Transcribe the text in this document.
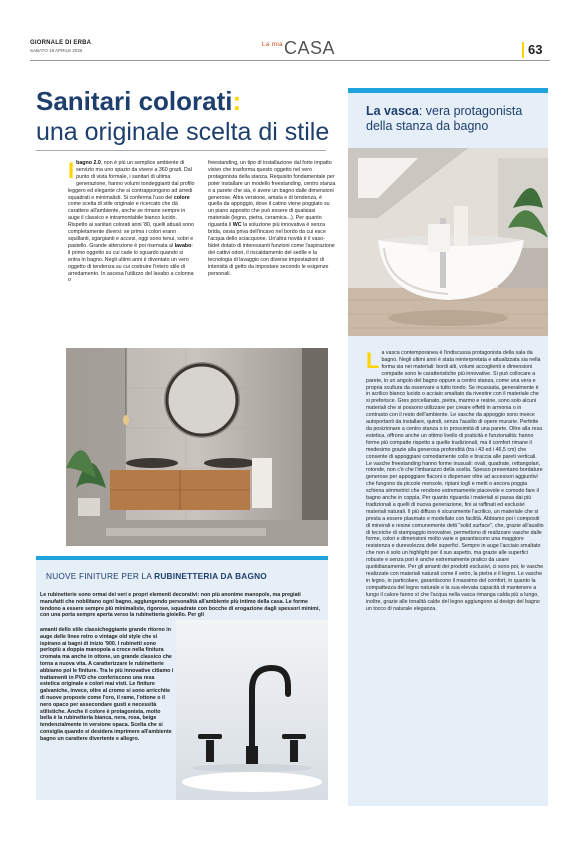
GIORNALE DI ERBA
SABATO 19 APRILE 2025
$^{La mia}$CASA	63
Sanitari colorati:
una originale scelta di stile
Ibagno 2.0, non è più un semplice ambiente di servizio ma uno spazio da vivere a 360 gradi. Dal punto di vista formale, i sanitari di ultima generazione, hanno volumi tondeggianti dal profilo leggero ed elegante che si contrappongono ad arredi squadrati e minimalisti. Si conferma l'uso del colore come scelta di stile originale e ricercato che dà carattere all'ambiente, anche se rimane sempre in auge il classico e intramontabile bianco lucido. Rispetto ai sanitari colorati anni '80, quelli attuali sono completamente diversi: se prima i colori erano squillanti, sgargianti e accesi, oggi sono tenui, sobri e pastello. Grande attenzione è poi riservata al lavabo: il primo oggetto su cui cade lo sguardo quando si entra in bagno. Negli ultimi anni è diventato un vero oggetto di tendenza su cui costruire l'intero stile di arredamento. In ascesa l'utilizzo del lavabo a colonna o
freestanding, un tipo di installazione dal forte impatto visivo che trasforma questo oggetto nel vero protagonista della stanza. Requisito fondamentale per poter installare un modello freestanding, centro stanza o a parete che sia, è avere un bagno dalle dimensioni generose. Altra versione, amata e di tendenza, è quella da appoggio, dove il catino viene poggiato su un piano apposito che può essere di qualsiasi materiale (legno, pietra, ceramica...). Per quanto riguarda il WC la soluzione più innovativa è senza brida, ossia priva dell'incavo nel bordo da cui esce l'acqua dello sciacquone. Un'altra novità è il vaso-bidet dotato di interessanti funzioni come l'aspirazione dei cattivi odori, il riscaldamento del sedile e la tecnologia di lavaggio con diverse impostazioni di intensità di getto da impostare secondo le esigenze personali.
La vasca: vera protagonista della stanza da bagno
La vasca contemporanea è l'indiscussa protagonista della sala da bagno. Negli ultimi anni è stata reinterpretata e attualizzata sia nella forma sia nei materiali: bordi alti, volumi accoglienti e dimensioni compatte sono le caratteristiche più innovative. Si può collocare a parete, in un angolo del bagno oppure a centro stanza, come una vera e propria scultura da osservare a tutto tondo. Se incassata, generalmente è in acrilico bianco lucido o acciaio smaltato da rivestire con il materiale che si preferisce. Gres porcellanato, pietra, marmo e resine, sono solo alcuni materiali che si possono utilizzare per creare effetti in armonia o in contrasto con il resto dell'ambiente. Le vasche da appoggio sono invece autoportanti da installare, quindi, senza l'ausilio di opere murarie. Perfette da posizionare a centro stanza o in prossimità di una parete. Oltre alla resa estetica, offrono anche un ottimo livello di praticità e funzionalità: hanno forme più compatte rispetto a quelle tradizionali, ma il comfort rimane il medesimo grazie alla generosa profondità (tra i 43 ed i 46,5 cm) che consente di appoggiare comodamente collo e braccia alle pareti verticali. Le vasche freestanding hanno forme inusuali: ovali, quadrate, rettangolari, rotonde, non c'è che l'imbarazzo della scelta. Spesso presentano bordature generose per appoggiare flaconi o dispenser oltre ad accessori aggiuntivi che fungono da piccole mensole, ripiani togli e metti o ancora poggia schiena simmetrici che rendono estremamente piacevole e comodo fare il bagno anche in coppia. Per quanto riguarda i materiali si passa dai più tradizionali a quelli di nuova generazione, fini ai raffinati ed esclusivi materiali naturali. Il più diffuso è sicuramente l'acrilico, un materiale che si presta a essere plasmato e modellato con facilità. Abbiamo poi i compositi di minerali e resine comunemente detti "solid surface", che, grazie all'ausilio di tecniche di stampaggio innovative, permettono di realizzare vasche dalle forme, colori e dimensioni molto varie e garantiscono una maggiore resistenza e durevolezza delle superfici. Sempre in auge l'acciaio smaltato che non è solo un highlight per il suo aspetto, ma grazie alle superfici robuste e senza pori è anche estremamente pratico da usare quotidianamente. Per gli amanti dei prodotti esclusivi, ci sono poi, le vasche realizzate con materiali naturali come il vetro, la pietra e il legno. Le vasche in legno, in particolare, garantiscono il massimo del comfort, in quanto la compattezza del legno naturale e la sua elevata capacità di mantenere a lungo il calore fanno sì che l'acqua nella vasca rimanga calda più a lungo, inoltre, grazie alle tonalità calde del legno aggiungono al design del bagno un tocco di naturale eleganza.
NUOVE FINITURE PER LA RUBINETTERIA DA BAGNO
Le rubinetterie sono ormai dei veri e propri elementi decorativi: non più anonime manopole, ma pregiati manufatti che nobilitano ogni bagno, aggiungendo personalità all'ambiente più intimo della casa. Le forme tendono a essere sempre più minimaliste, rigorose, squadrate con bocche di erogazione dagli spessori minimi, con una porta sempre aperta verso la rubinetteria gioiello. Per gli
amanti dello stile classicheggiante grande ritorno in auge delle linee retro o vintage old style che si ispirano ai bagni di inizio '900. I rubinetti sono perlopiù a doppia manopola a croce nella finitura cromata ma anche in ottone, un grande classico che torna a nuova vita. A caratterizzare le rubinetterie abbiamo poi le finiture. Tra le più innovative citiamo i trattamenti in PVD che conferiscono una resa estetica originale e colori mai visti. Le finiture galvaniche, invece, oltre al cromo si sono arricchite di nuove proposte come l'oro, il rame, l'ottone o il nero opaco per assecondare gusti e necessità stilistiche. Anche il colore è protagonista, molto bella è la rubinetteria bianca, nera, rosa, beige tendenzialmente in versione opaca. Scelta che si consiglia quando si desidera imprimere all'ambiente bagno un carattere divertente e allegro.
